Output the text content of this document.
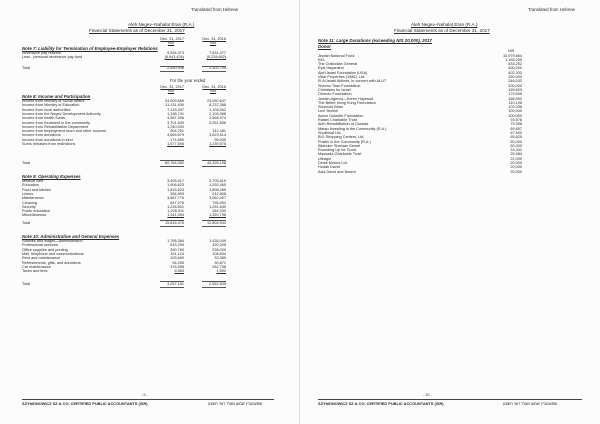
Translated from Hebrew
Aleh Negev–Nahalat Eran (R.A.)
Financial Statements as of December 31, 2017
Dec. 31, 2017
NIS
Dec. 31, 2016
NIS
Note 7: Liability for Termination of Employee-Employer Relations
Severance pay reserve	9,534,373	7,531,477
Less - personal severance pay fund	(6,943,426)	(5,228,682)
Total	2,590,946	2,302,795
For the year ended
Dec. 31, 2017
NIS
Dec. 31, 2016
NIS
Note 8: Income and Participation
Income from Ministry of Social Affairs	24,909,669	23,050,647
Income from Ministry of Education	11,131,930	8,237,388
Income from local authorities	7,133,347	1,104,562
Income from the Negev Development Authority	1,138,741	2,109,066
Income from health funds	4,567,396	2,568,974
Income from treatment in the community	3,701,539	2,251,896
Income from Rehabilitation Department	1,240,000
Income from employment room and other sources	304,251	142,481
Income from donations	4,665,679	3,623,614
Income from donations in kind	174,895	95,000
Sums released from restrictions	1,677,606	1,239,575
Total	60,764,062	44,326,198
Note 9: Operating Expenses
Medical care	3,405,417	2,705,819
Education	1,906,623	1,292,465
Food and kitchen	1,816,823	1,808,289
Linens	284,893	242,808
Maintenance	3,667,776	3,062,407
Cleaning	847,276	795,991
Security	1,226,501	1,251,649
Public education	1,208,911	284,330
Miscellaneous	1,511,054	1,320,796
Total	15,816,476	12,804,544
Note 10: Administrative and General Expenses
Salaries and wages—administration	1,795,384	1,435,049
Professional services	515,295	420,305
Office supplies and printing	390,765	238,000
Mail, telephone and communications	151,124	108,834
Rent and maintenance	103,669	33,380
Refreshments, gifts, and donations	54,255	30,871
Car maintenance	376,558	282,758
Taxes and fees	6,583	1,692
Total	3,257,161	2,552,509
- 9 -
SZYMONOWICZ SZ & CO. CERTIFIED PUBLIC ACCOUNTANTS (ISR)	שמעונוביץ שמעו ושות' רואי חשבון
Translated from Hebrew
Aleh Negev–Nahalat Eran (R.A.)
Financial Statements as of December 31, 2017
Note 11: Large Donations (exceeding NIS 20,000), 2017
Donor
NIS
Jewish National Fund	10,979,664
KKL	1,165,205
The Custodian General	833,252
Eyal Hayardeni	600,000
Aleh Israel Foundation (USA)	402,333
Villar Properties (1986), Ltd.	250,000
El Al Israel Airlines, in concert with ALUT	246,032
Shlomo Tiran Foundation	200,000
Christians for Israel	199,603
Orimoto Foundation	175,506
Jewish Agency—Keren Hayesod	158,992
The Better Hong Kong Foundation	110,196
Stemrobi Brian	103,336
Levi Yechiel	100,000
Aaron Gutwirth Foundation	100,000
Rafael Charitable Trust	93,576
Aleh Rehabilitation of Canada	79,398
Matan Investing in the Community (R.A.)	69,657
Shufersal Ltd.	67,500
BIG Shopping Centers, Ltd.	65,625
Positiv in the Community (R.A.)	50,000
Altshuler Shaham Gemel	50,000
Rounding Up for Good	33,431
Massada Charitable Trust	25,584
Ultragin	22,000
Delek Motors Ltd.	20,000
Hudak David	20,000
Asia David and Naomi	20,000
- 10 -
SZYMONOWICZ SZ & CO. CERTIFIED PUBLIC ACCOUNTANTS (ISR)	שמעונוביץ שמעו ושות' רואי חשבון
